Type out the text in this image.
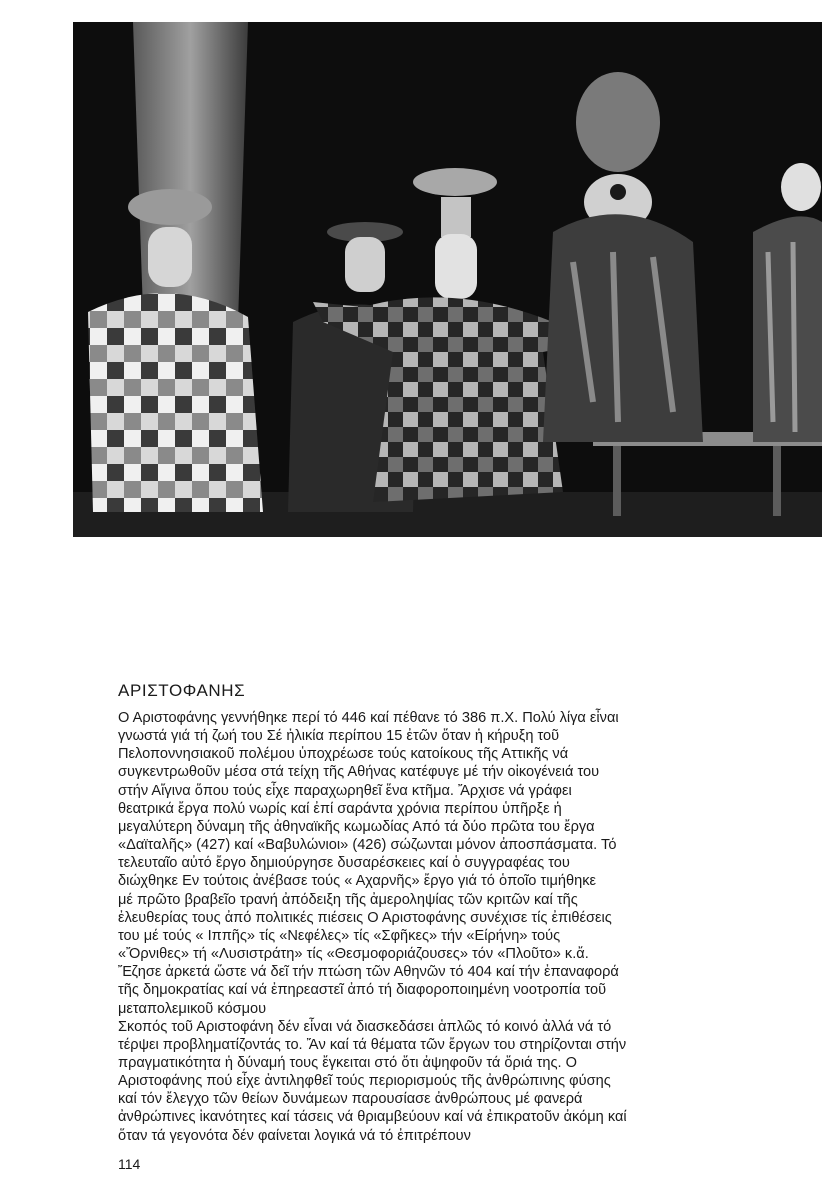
ΑΡΙΣΤΟΦΑΝΗΣ
Ο Αριστοφάνης γεννήθηκε περί τό 446 καί πέθανε τό 386 π.Χ. Πολύ λίγα εἶναι
γνωστά γιά τή ζωή του Σέ ἡλικία περίπου 15 ἐτῶν ὅταν ἡ κήρυξη τοῦ
Πελοποννησιακοῦ πολέμου ὑποχρέωσε τούς κατοίκους τῆς Αττικῆς νά
συγκεντρωθοῦν μέσα στά τείχη τῆς Αθήνας κατέφυγε μέ τήν οἰκογένειά του
στήν Αἴγινα ὅπου τούς εἶχε παραχωρηθεῖ ἕνα κτῆμα. Ἄρχισε νά γράφει
θεατρικά ἔργα πολύ νωρίς καί ἐπί σαράντα χρόνια περίπου ὑπῆρξε ἡ
μεγαλύτερη δύναμη τῆς ἀθηναϊκῆς κωμωδίας Από τά δύο πρῶτα του ἔργα
«Δαϊταλῆς» (427) καί «Βαβυλώνιοι» (426) σώζωνται μόνον ἀποσπάσματα. Τό
τελευταῖο αὐτό ἔργο δημιούργησε δυσαρέσκειες καί ὁ συγγραφέας του
διώχθηκε Εν τούτοις ἀνέβασε τούς « Αχαρνῆς» ἔργο γιά τό ὁποῖο τιμήθηκε
μέ πρῶτο βραβεῖο τρανή ἀπόδειξη τῆς ἀμεροληψίας τῶν κριτῶν καί τῆς
ἐλευθερίας τους ἀπό πολιτικές πιέσεις Ο Αριστοφάνης συνέχισε τίς ἐπιθέσεις
του μέ τούς « Ιππῆς» τίς «Νεφέλες» τίς «Σφῆκες» τήν «Είρήνη» τούς
«Ὄρνιθες» τή «Λυσιστράτη» τίς «Θεσμοφοριάζουσες» τόν «Πλοῦτο» κ.ἄ.
Ἔζησε ἀρκετά ὥστε νά δεῖ τήν πτώση τῶν Αθηνῶν τό 404 καί τήν ἐπαναφορά
τῆς δημοκρατίας καί νά ἐπηρεαστεῖ ἀπό τή διαφοροποιημένη νοοτροπία τοῦ
μεταπολεμικοῦ κόσμου
Σκοπός τοῦ Αριστοφάνη δέν εἶναι νά διασκεδάσει ἁπλῶς τό κοινό ἀλλά νά τό
τέρψει προβληματίζοντάς το. Ἄν καί τά θέματα τῶν ἔργων του στηρίζονται στήν
πραγματικότητα ἡ δύναμή τους ἔγκειται στό ὅτι ἀψηφοῦν τά ὅριά της. Ο
Αριστοφάνης πού εἶχε ἀντιληφθεῖ τούς περιορισμούς τῆς ἀνθρώπινης φύσης
καί τόν ἔλεγχο τῶν θείων δυνάμεων παρουσίασε ἀνθρώπους μέ φανερά
ἀνθρώπινες ἱκανότητες καί τάσεις νά θριαμβεύουν καί νά ἐπικρατοῦν ἀκόμη καί
ὅταν τά γεγονότα δέν φαίνεται λογικά νά τό ἐπιτρέπουν

114
